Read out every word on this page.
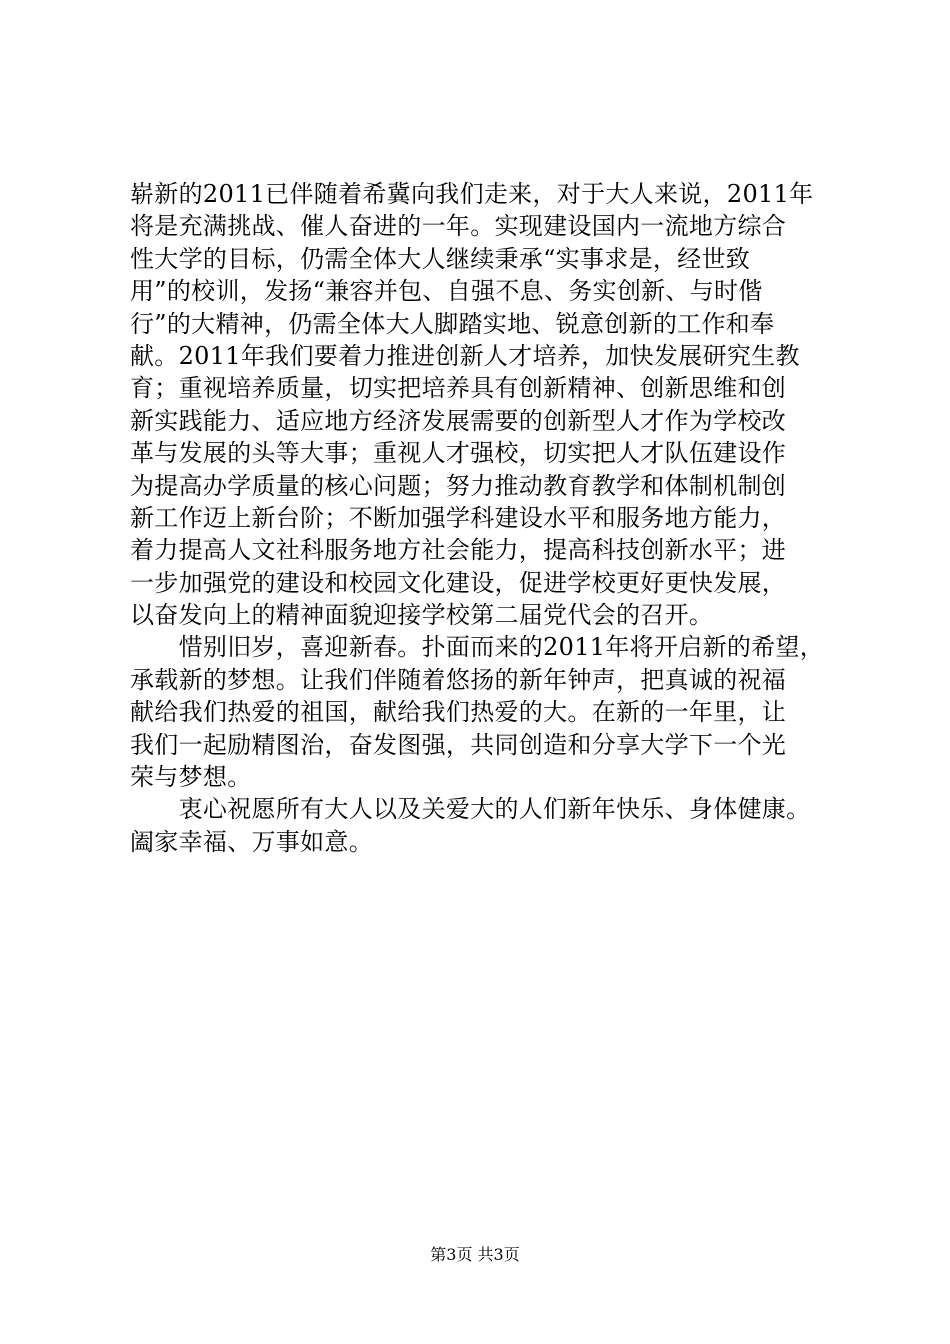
崭新的2011已伴随着希冀向我们走来，对于大人来说，2011年
将是充满挑战、催人奋进的一年。实现建设国内一流地方综合
性大学的目标，仍需全体大人继续秉承“实事求是，经世致
用”的校训，发扬“兼容并包、自强不息、务实创新、与时偕
行”的大精神，仍需全体大人脚踏实地、锐意创新的工作和奉
献。2011年我们要着力推进创新人才培养，加快发展研究生教
育；重视培养质量，切实把培养具有创新精神、创新思维和创
新实践能力、适应地方经济发展需要的创新型人才作为学校改
革与发展的头等大事；重视人才强校，切实把人才队伍建设作
为提高办学质量的核心问题；努力推动教育教学和体制机制创
新工作迈上新台阶；不断加强学科建设水平和服务地方能力，
着力提高人文社科服务地方社会能力，提高科技创新水平；进
一步加强党的建设和校园文化建设，促进学校更好更快发展，
以奋发向上的精神面貌迎接学校第二届党代会的召开。
　　惜别旧岁，喜迎新春。扑面而来的2011年将开启新的希望，
承载新的梦想。让我们伴随着悠扬的新年钟声，把真诚的祝福
献给我们热爱的祖国，献给我们热爱的大。在新的一年里，让
我们一起励精图治，奋发图强，共同创造和分享大学下一个光
荣与梦想。
　　衷心祝愿所有大人以及关爱大的人们新年快乐、身体健康。
阖家幸福、万事如意。
第3页 共3页
